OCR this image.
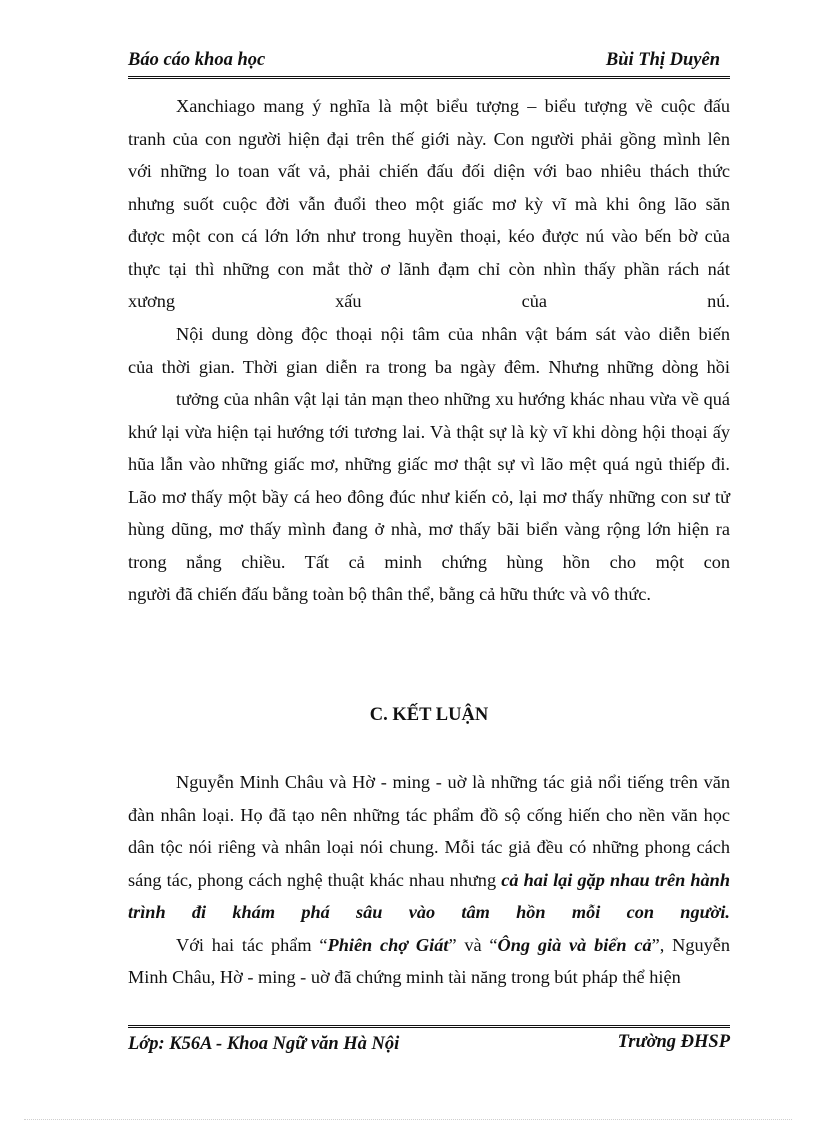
Báo cáo khoa học	Bùi Thị Duyên

Xanchiago mang ý nghĩa là một biểu tượng – biểu tượng về cuộc đấu

tranh của con người hiện đại trên thế giới này. Con người phải gồng mình lên

với những lo toan vất vả, phải chiến đấu đối diện với bao nhiêu thách thức

nhưng suốt cuộc đời vẫn đuổi theo một giấc mơ kỳ vĩ mà khi ông lão săn

được một con cá lớn lớn như trong huyền thoại, kéo được nú vào bến bờ của

thực tại thì những con mắt thờ ơ lãnh đạm chỉ còn nhìn thấy phần rách nát

xương	xấu	của	nú.

Nội dung dòng độc thoại nội tâm của nhân vật bám sát vào diễn biến

của thời gian. Thời gian diễn ra trong ba ngày đêm. Nhưng những dòng hồi

tưởng của nhân vật lại tản mạn theo những xu hướng khác nhau vừa về quá khứ lại vừa hiện tại hướng tới tương lai. Và thật sự là kỳ vĩ khi dòng hội thoại ấy hũa lẫn vào những giấc mơ, những giấc mơ thật sự vì lão mệt quá ngủ thiếp đi. Lão mơ thấy một bầy cá heo đông đúc như kiến cỏ, lại mơ thấy những con sư tử hùng dũng, mơ thấy mình đang ở nhà, mơ thấy bãi biển vàng rộng lớn hiện ra trong nắng chiều. Tất cả minh chứng hùng hồn cho một con

người đã chiến đấu bằng toàn bộ thân thể, bằng cả hữu thức và vô thức.

C. KẾT LUẬN

Nguyễn Minh Châu và Hờ - ming - uờ là những tác giả nổi tiếng trên văn đàn nhân loại. Họ đã tạo nên những tác phẩm đồ sộ cống hiến cho nền văn học dân tộc nói riêng và nhân loại nói chung. Mỗi tác giả đều có những phong cách sáng tác, phong cách nghệ thuật khác nhau nhưng cả hai lại gặp nhau trên hành trình đi khám phá sâu vào tâm hồn mỗi con người.

Với hai tác phẩm “Phiên chợ Giát” và “Ông già và biển cả”, Nguyễn

Minh Châu, Hờ - ming - uờ đã chứng minh tài năng trong bút pháp thể hiện

Lớp: K56A - Khoa Ngữ văn Hà Nội	Trường ĐHSP
